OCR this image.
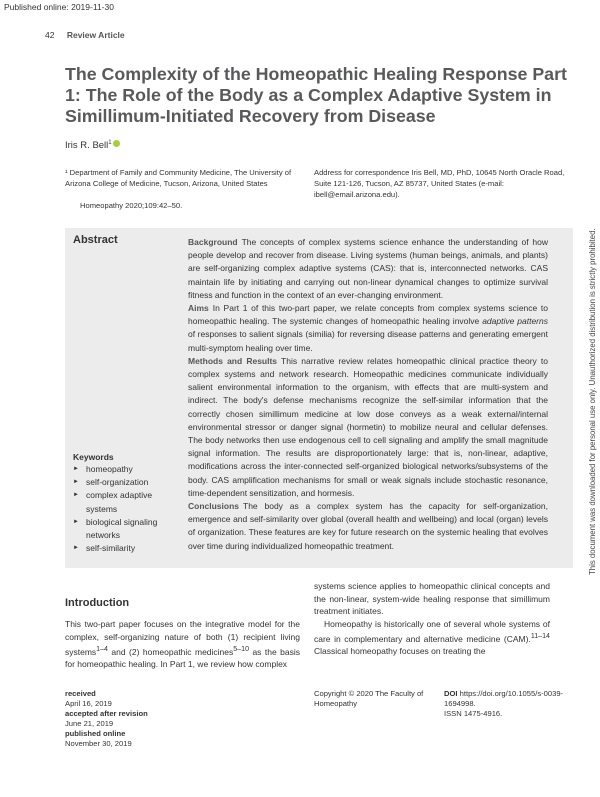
Published online: 2019-11-30
42 Review Article
The Complexity of the Homeopathic Healing Response Part 1: The Role of the Body as a Complex Adaptive System in Simillimum-Initiated Recovery from Disease
Iris R. Bell$^1$
¹ Department of Family and Community Medicine, The University of Arizona College of Medicine, Tucson, Arizona, United States
Address for correspondence Iris Bell, MD, PhD, 10645 North Oracle Road, Suite 121-126, Tucson, AZ 85737, United States (e-mail: ibell@email.arizona.edu).
Homeopathy 2020;109:42–50.
Abstract	Background The concepts of complex systems science enhance the understanding of how people develop and recover from disease. Living systems (human beings, animals, and plants) are self-organizing complex adaptive systems (CAS): that is, interconnected networks. CAS maintain life by initiating and carrying out non-linear dynamical changes to optimize survival fitness and function in the context of an ever-changing environment.

Aims In Part 1 of this two-part paper, we relate concepts from complex systems science to homeopathic healing. The systemic changes of homeopathic healing involve adaptive patterns of responses to salient signals (similia) for reversing disease patterns and generating emergent multi-symptom healing over time.

Methods and Results This narrative review relates homeopathic clinical practice theory to complex systems and network research. Homeopathic medicines communicate individually salient environmental information to the organism, with effects that are multi-system and indirect. The body's defense mechanisms recognize the self-similar information that the correctly chosen simillimum medicine at low dose conveys as a weak external/internal environmental stressor or danger signal (hormetin) to mobilize neural and cellular defenses. The body networks then use endogenous cell to cell signaling and amplify the small magnitude signal information. The results are disproportionately large: that is, non-linear, adaptive, modifications across the inter-connected self-organized biological networks/subsystems of the body. CAS amplification mechanisms for small or weak signals include stochastic resonance, time-dependent sensitization, and hormesis.

Conclusions The body as a complex system has the capacity for self-organization, emergence and self-similarity over global (overall health and wellbeing) and local (organ) levels of organization. These features are key for future research on the systemic healing that evolves over time during individualized homeopathic treatment.

Keywords
► homeopathy
► self-organization
► complex adaptive systems
► biological signaling networks
► self-similarity	This document was downloaded for personal use only. Unauthorized distribution is strictly prohibited.
Introduction

This two-part paper focuses on the integrative model for the complex, self-organizing nature of both (1) recipient living systems$^{1-4}$ and (2) homeopathic medicines$^{5-10}$ as the basis for homeopathic healing. In Part 1, we review how complex

systems science applies to homeopathic clinical concepts and the non-linear, system-wide healing response that simillimum treatment initiates.

Homeopathy is historically one of several whole systems of care in complementary and alternative medicine (CAM).$^{11-14}$ Classical homeopathy focuses on treating the

received
April 16, 2019
accepted after revision
June 21, 2019
published online
November 30, 2019
Copyright © 2020 The Faculty of Homeopathy
DOI https://doi.org/10.1055/s-0039-1694998.
ISSN 1475-4916.
